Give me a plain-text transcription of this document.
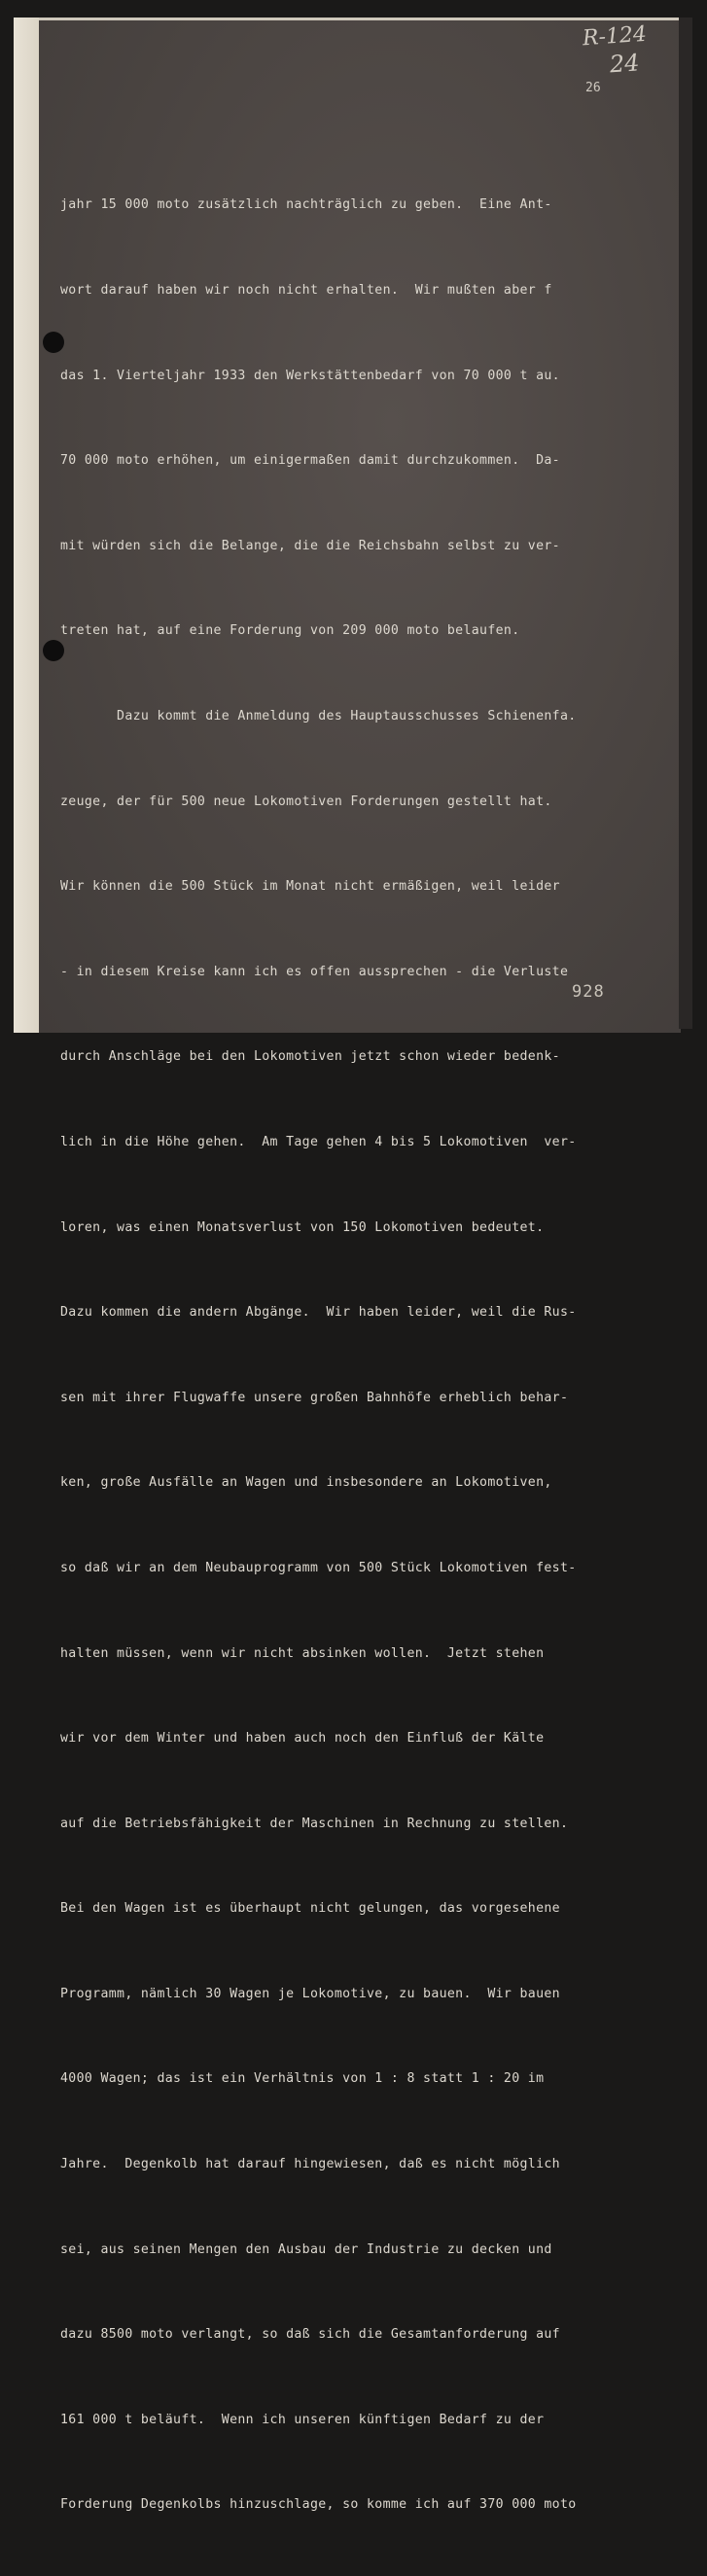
R-124
24
26

jahr 15 000 moto zusätzlich nachträglich zu geben.  Eine Ant-

wort darauf haben wir noch nicht erhalten.  Wir mußten aber f

das 1. Vierteljahr 1933 den Werkstättenbedarf von 70 000 t au.

70 000 moto erhöhen, um einigermaßen damit durchzukommen.  Da-

mit würden sich die Belange, die die Reichsbahn selbst zu ver-

treten hat, auf eine Forderung von 209 000 moto belaufen.

Dazu kommt die Anmeldung des Hauptausschusses Schienenfa.

zeuge, der für 500 neue Lokomotiven Forderungen gestellt hat.

Wir können die 500 Stück im Monat nicht ermäßigen, weil leider

- in diesem Kreise kann ich es offen aussprechen - die Verluste

durch Anschläge bei den Lokomotiven jetzt schon wieder bedenk-

lich in die Höhe gehen.  Am Tage gehen 4 bis 5 Lokomotiven  ver-

loren, was einen Monatsverlust von 150 Lokomotiven bedeutet.

Dazu kommen die andern Abgänge.  Wir haben leider, weil die Rus-

sen mit ihrer Flugwaffe unsere großen Bahnhöfe erheblich behar-

ken, große Ausfälle an Wagen und insbesondere an Lokomotiven,

so daß wir an dem Neubauprogramm von 500 Stück Lokomotiven fest-

halten müssen, wenn wir nicht absinken wollen.  Jetzt stehen

wir vor dem Winter und haben auch noch den Einfluß der Kälte

auf die Betriebsfähigkeit der Maschinen in Rechnung zu stellen.

Bei den Wagen ist es überhaupt nicht gelungen, das vorgesehene

Programm, nämlich 30 Wagen je Lokomotive, zu bauen.  Wir bauen

4000 Wagen; das ist ein Verhältnis von 1 : 8 statt 1 : 20 im

Jahre.  Degenkolb hat darauf hingewiesen, daß es nicht möglich

sei, aus seinen Mengen den Ausbau der Industrie zu decken und

dazu 8500 moto verlangt, so daß sich die Gesamtanforderung auf

161 000 t beläuft.  Wenn ich unseren künftigen Bedarf zu der

Forderung Degenkolbs hinzuschlage, so komme ich auf 370 000 moto

928
